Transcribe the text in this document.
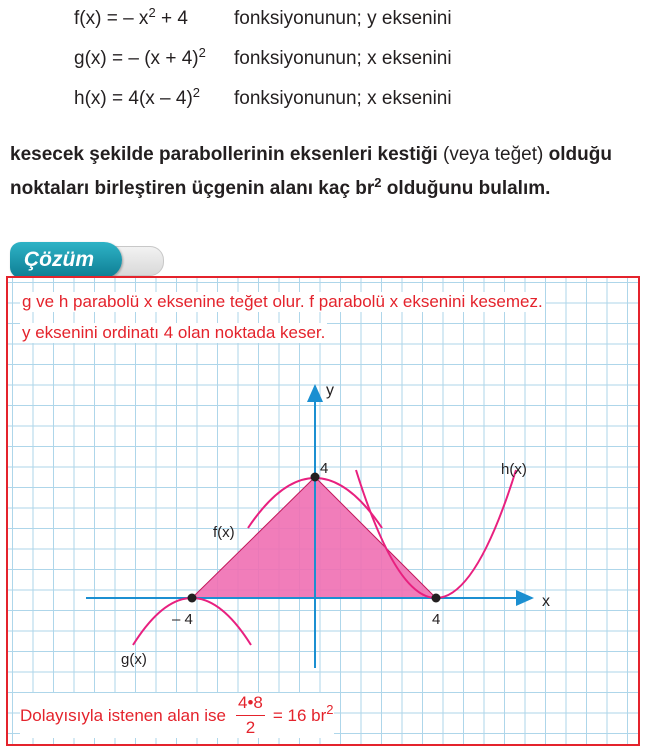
f(x) = – $x^2 + 4$ fonksiyonunun; y eksenini
g(x) = – $(x + 4)^2$ fonksiyonunun; x eksenini
h(x) = 4(x – 4)$^2$ fonksiyonunun; x eksenini
kesecek şekilde parabollerinin eksenleri kestiği (veya teğet) olduğu noktaları birleştiren üçgenin alanı kaç $br^2$ olduğunu bulalım.
Çözüm
g ve h parabolü x eksenine teğet olur. f parabolü x eksenini kesemez.
y eksenini ordinatı 4 olan noktada keser.
y
x
4
– 4	4
f(x)
g(x)
h(x)
Dolayısıyla istenen alan ise $\frac{4•8}{2} = 16$ $br^2$
